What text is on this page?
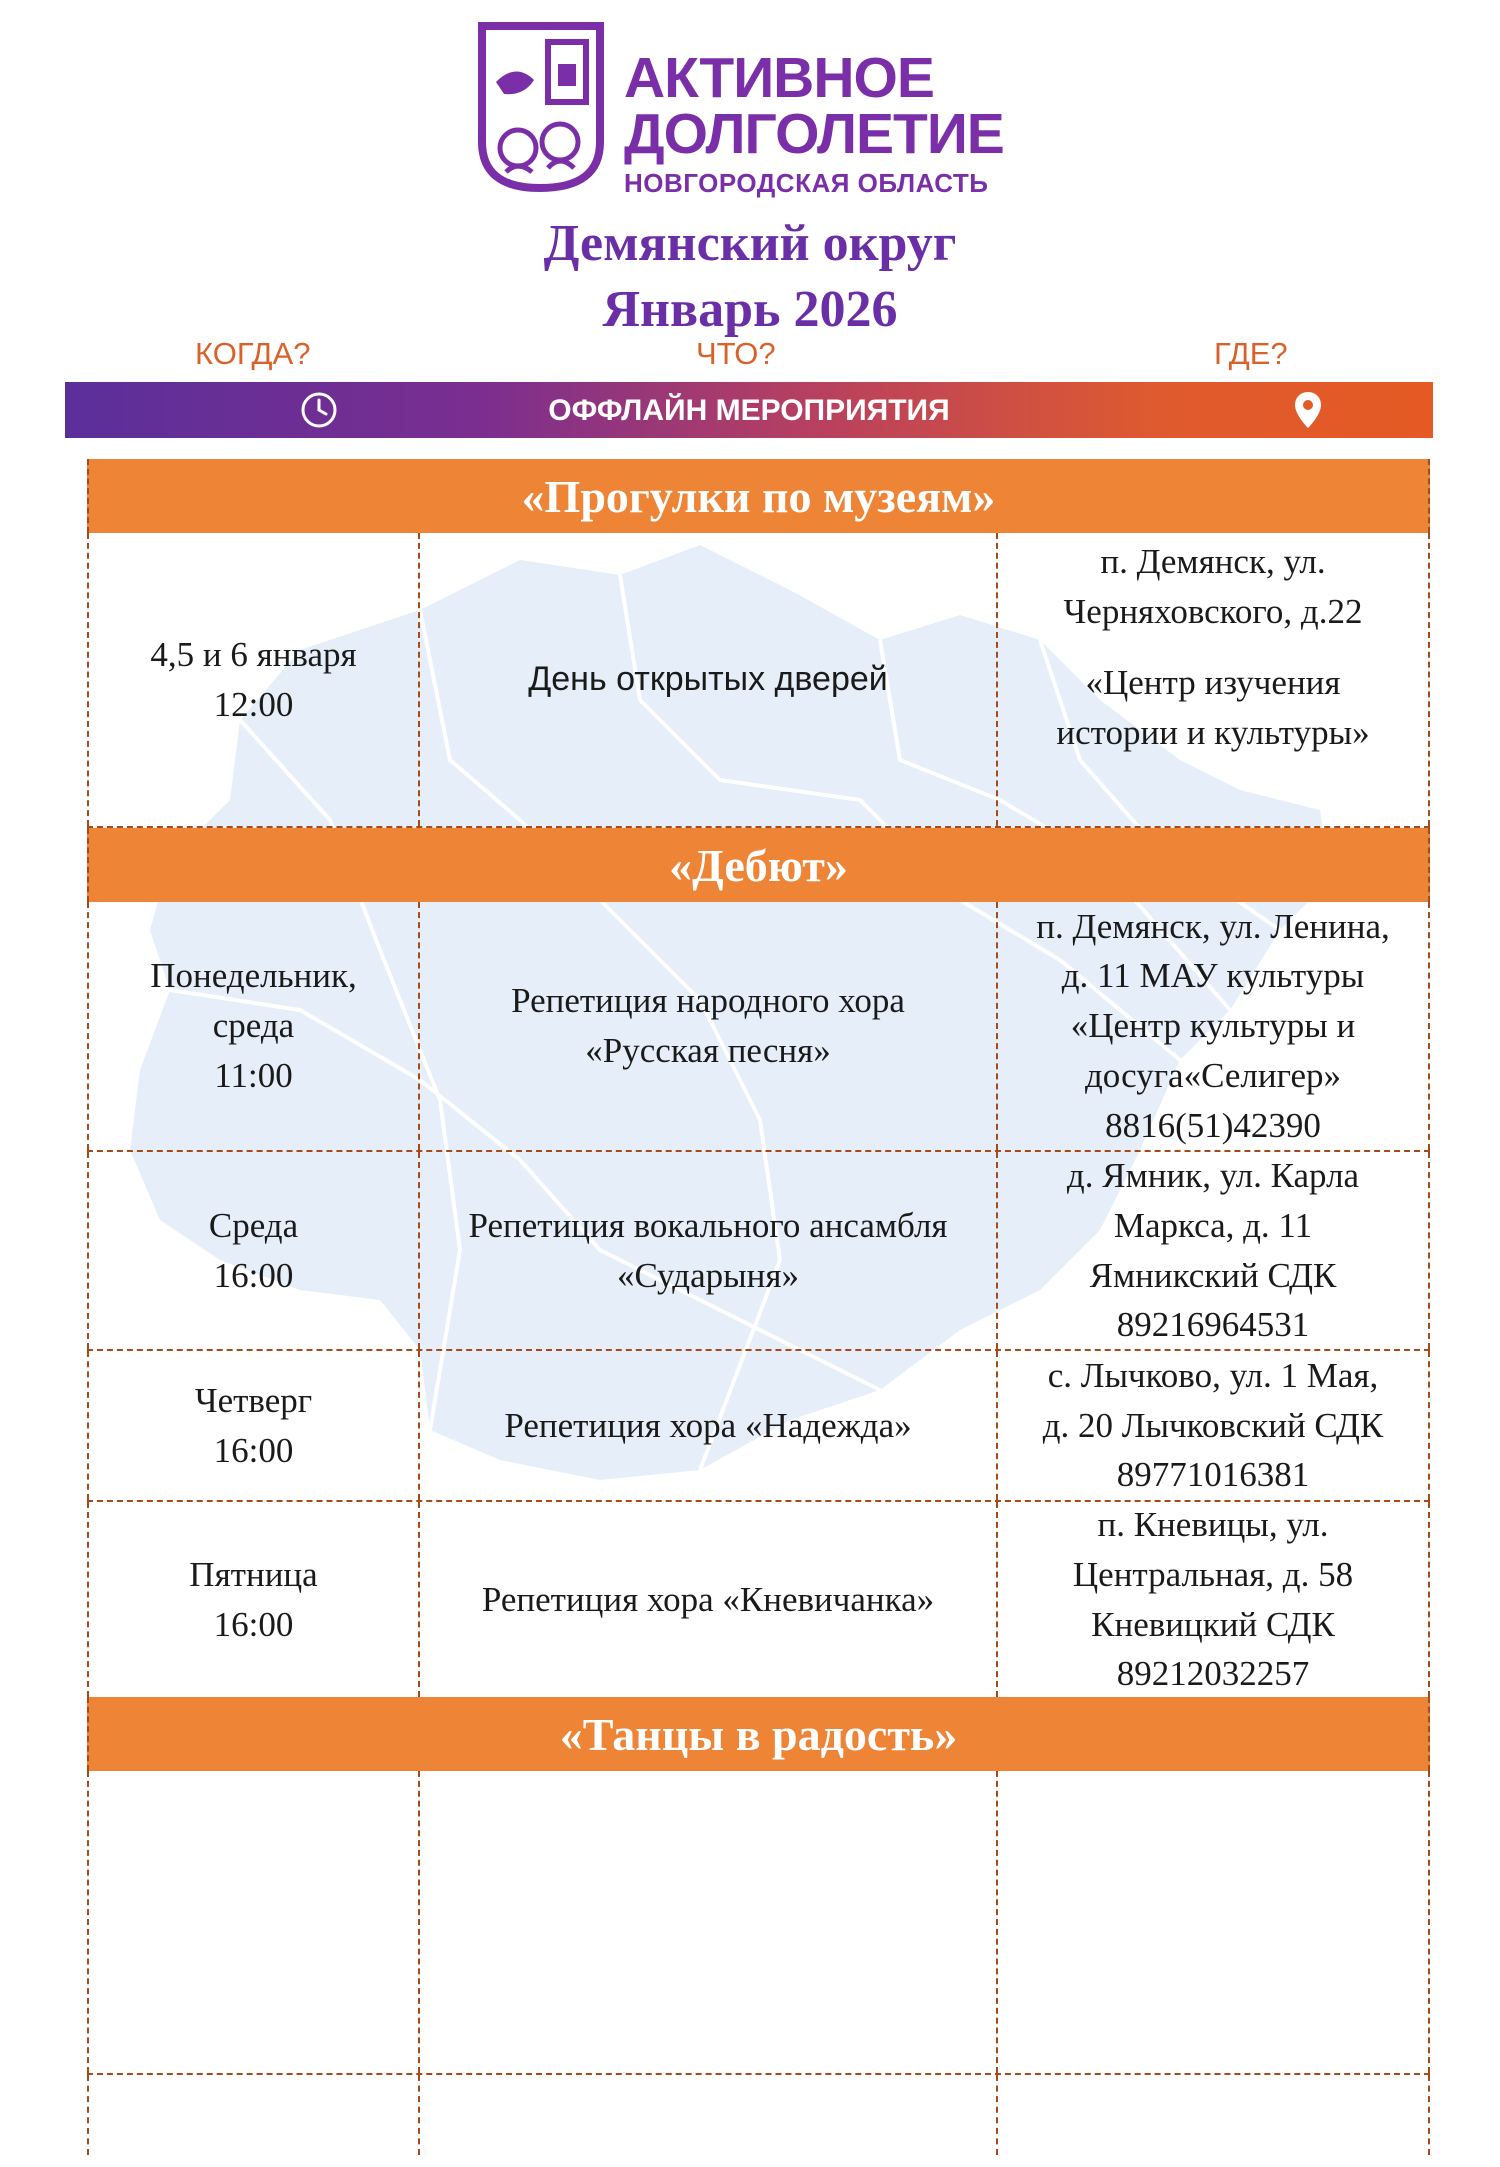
АКТИВНОЕ
ДОЛГОЛЕТИЕ
НОВГОРОДСКАЯ ОБЛАСТЬ
Демянский округ
Январь 2026
КОГДА?	ЧТО?	ГДЕ?
ОФФЛАЙН МЕРОПРИЯТИЯ
«Прогулки по музеям»
4,5 и 6 января
12:00
День открытых дверей
п. Демянск, ул.
Черняховского, д.22
«Центр изучения
истории и культуры»
«Дебют»
Понедельник,
среда
11:00
Репетиция народного хора
«Русская песня»
п. Демянск, ул. Ленина,
д. 11 МАУ культуры
«Центр культуры и
досуга«Селигер»
8816(51)42390
Среда
16:00
Репетиция вокального ансамбля
«Сударыня»
д. Ямник, ул. Карла
Маркса, д. 11
Ямникский СДК
89216964531
Четверг
16:00
Репетиция хора «Надежда»
с. Лычково, ул. 1 Мая,
д. 20 Лычковский СДК
89771016381
Пятница
16:00
Репетиция хора «Кневичанка»
п. Кневицы, ул.
Центральная, д. 58
Кневицкий СДК
89212032257
«Танцы в радость»
